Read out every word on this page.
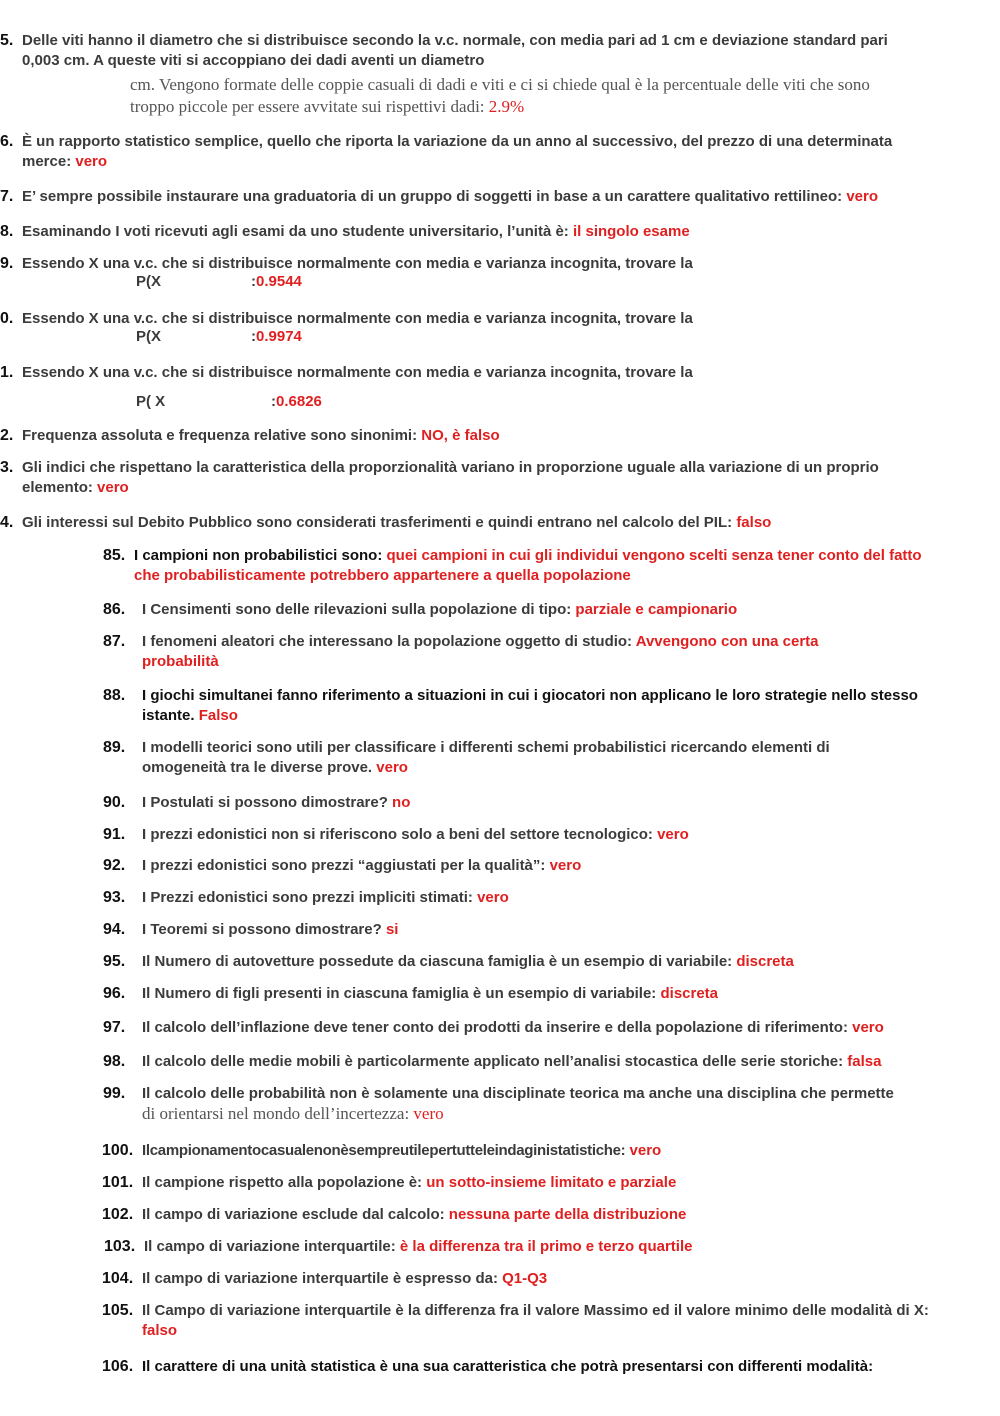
5. Delle viti hanno il diametro che si distribuisce secondo la v.c. normale, con media pari ad 1 cm e deviazione standard pari 0,003 cm. A queste viti si accoppiano dei dadi aventi un diametro
cm. Vengono formate delle coppie casuali di dadi e viti e ci si chiede qual è la percentuale delle viti che sono troppo piccole per essere avvitate sui rispettivi dadi: 2.9%
6. È un rapporto statistico semplice, quello che riporta la variazione da un anno al successivo, del prezzo di una determinata merce: vero
7. E’ sempre possibile instaurare una graduatoria di un gruppo di soggetti in base a un carattere qualitativo rettilineo: vero
8. Esaminando I voti ricevuti agli esami da uno studente universitario, l’unità è: il singolo esame
9. Essendo X una v.c. che si distribuisce normalmente con media e varianza incognita, trovare la
P(X	:0.9544
0. Essendo X una v.c. che si distribuisce normalmente con media e varianza incognita, trovare la
P(X	:0.9974
1. Essendo X una v.c. che si distribuisce normalmente con media e varianza incognita, trovare la
P( X	:0.6826
2. Frequenza assoluta e frequenza relative sono sinonimi: NO, è falso
3. Gli indici che rispettano la caratteristica della proporzionalità variano in proporzione uguale alla variazione di un proprio elemento: vero
4. Gli interessi sul Debito Pubblico sono considerati trasferimenti e quindi entrano nel calcolo del PIL: falso
85. I campioni non probabilistici sono: quei campioni in cui gli individui vengono scelti senza tener conto del fatto che probabilisticamente potrebbero appartenere a quella popolazione
86.	I Censimenti sono delle rilevazioni sulla popolazione di tipo: parziale e campionario
87.	I fenomeni aleatori che interessano la popolazione oggetto di studio: Avvengono con una certa probabilità
88.	I giochi simultanei fanno riferimento a situazioni in cui i giocatori non applicano le loro strategie nello stesso istante. Falso
89.	I modelli teorici sono utili per classificare i differenti schemi probabilistici ricercando elementi di omogeneità tra le diverse prove. vero
90.	I Postulati si possono dimostrare? no
91.	I prezzi edonistici non si riferiscono solo a beni del settore tecnologico: vero
92.	I prezzi edonistici sono prezzi “aggiustati per la qualità”: vero
93.	I Prezzi edonistici sono prezzi impliciti stimati: vero
94.	I Teoremi si possono dimostrare? si
95.	Il Numero di autovetture possedute da ciascuna famiglia è un esempio di variabile: discreta
96.	Il Numero di figli presenti in ciascuna famiglia è un esempio di variabile: discreta
97.	Il calcolo dell’inflazione deve tener conto dei prodotti da inserire e della popolazione di riferimento: vero
98.	Il calcolo delle medie mobili è particolarmente applicato nell’analisi stocastica delle serie storiche: falsa
99.	Il calcolo delle probabilità non è solamente una disciplinate teorica ma anche una disciplina che permette
di orientarsi nel mondo dell’incertezza: vero
100. Ilcampionamentocasualenonèsempreutilepertutteleindaginistatistiche: vero
101. Il campione rispetto alla popolazione è: un sotto-insieme limitato e parziale
102. Il campo di variazione esclude dal calcolo: nessuna parte della distribuzione
103. Il campo di variazione interquartile: è la differenza tra il primo e terzo quartile
104. Il campo di variazione interquartile è espresso da: Q1-Q3
105. Il Campo di variazione interquartile è la differenza fra il valore Massimo ed il valore minimo delle modalità di X: falso
106. Il carattere di una unità statistica è una sua caratteristica che potrà presentarsi con differenti modalità:
